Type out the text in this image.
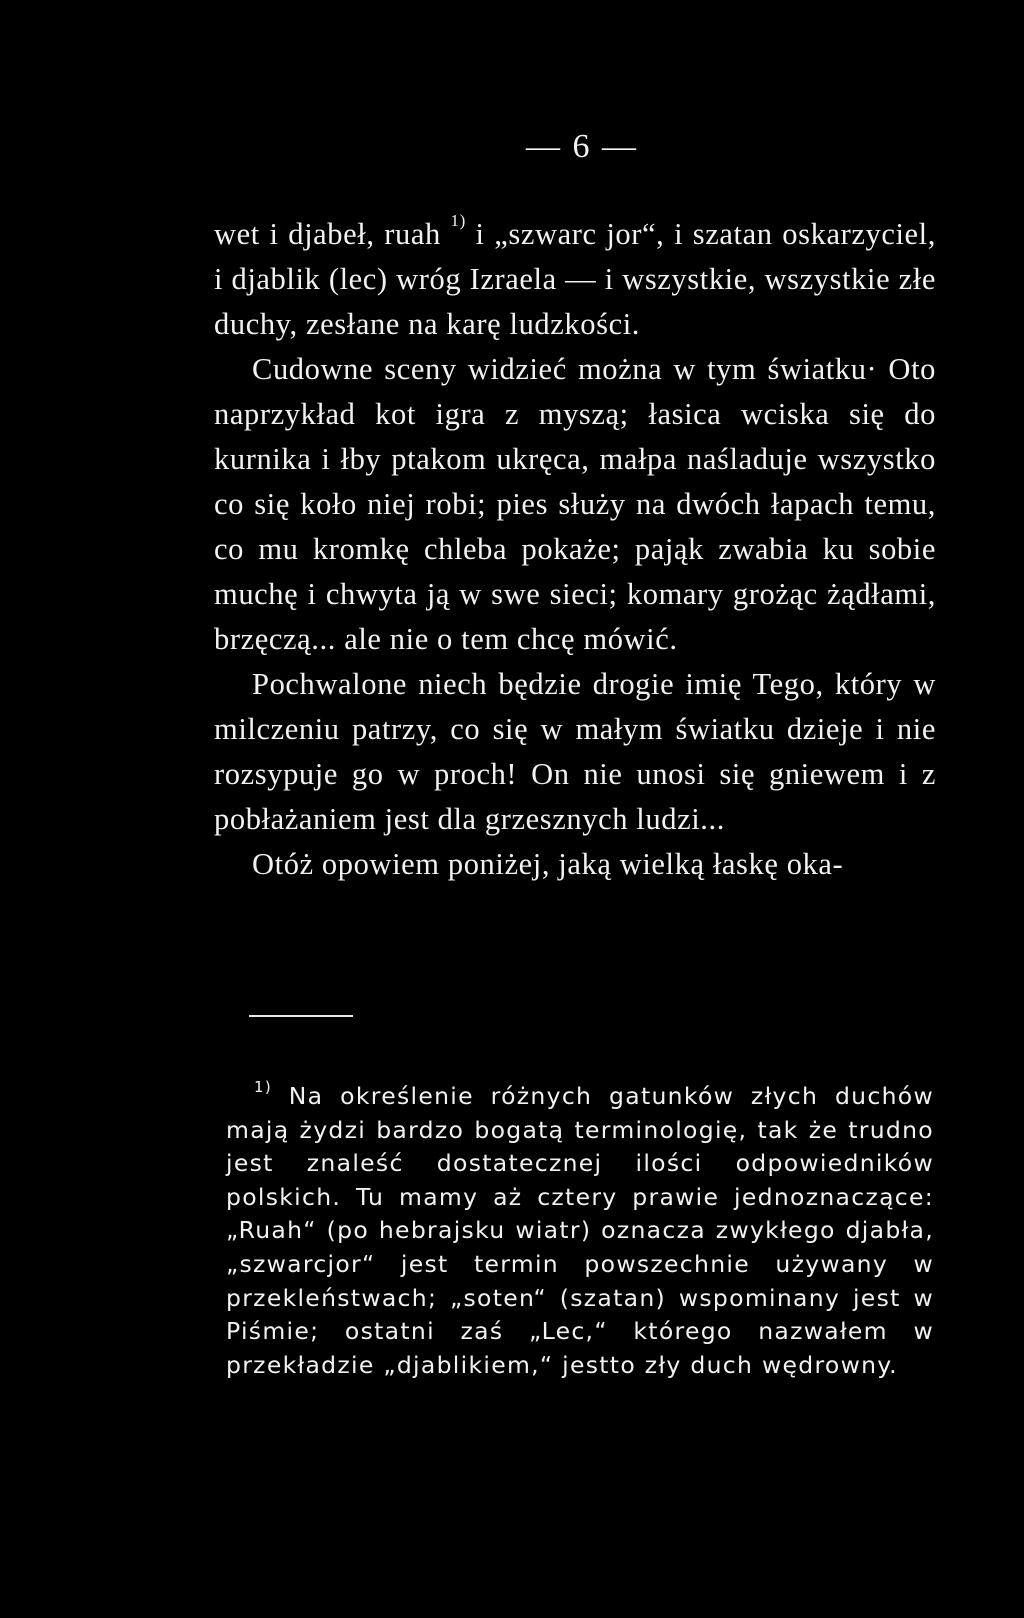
— 6 —

wet i djabeł, ruah $^{1)}$ i „szwarc jor“, i szatan oskarzyciel, i djablik (lec) wróg Izraela — i wszystkie, wszystkie złe duchy, zesłane na karę ludzkości.

Cudowne sceny widzieć można w tym światku· Oto naprzykład kot igra z myszą; łasica wciska się do kurnika i łby ptakom ukręca, małpa naśladuje wszystko co się koło niej robi; pies służy na dwóch łapach temu, co mu kromkę chleba pokaże; pająk zwabia ku sobie muchę i chwyta ją w swe sieci; komary grożąc żądłami, brzęczą... ale nie o tem chcę mówić.

Pochwalone niech będzie drogie imię Tego, który w milczeniu patrzy, co się w małym światku dzieje i nie rozsypuje go w proch! On nie unosi się gniewem i z pobłażaniem jest dla grzesznych ludzi...

Otóż opowiem poniżej, jaką wielką łaskę oka-

$^{1)}$ Na określenie różnych gatunków złych duchów mają żydzi bardzo bogatą terminologię, tak że trudno jest znaleść dostatecznej ilości odpowiedników polskich. Tu mamy aż cztery prawie jednoznaczące: „Ruah“ (po hebrajsku wiatr) oznacza zwykłego djabła, „szwarcjor“ jest termin powszechnie używany w przekleństwach; „soten“ (szatan) wspominany jest w Piśmie; ostatni zaś „Lec,“ którego nazwałem w przekładzie „djablikiem,“ jestto zły duch wędrowny.
